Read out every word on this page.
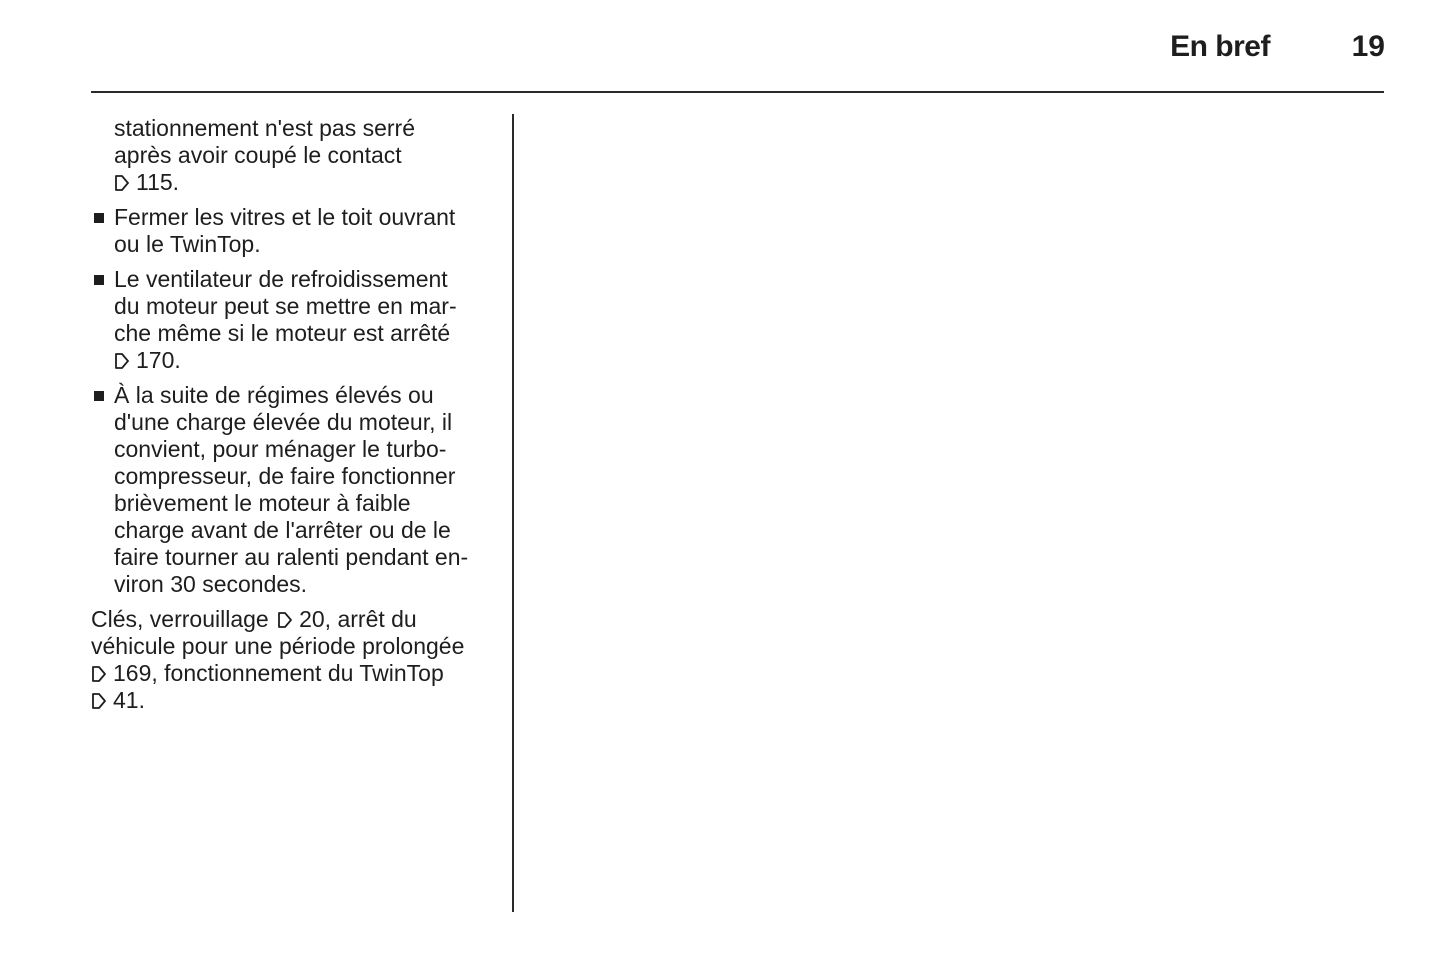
En bref	19
stationnement n'est pas serré
après avoir coupé le contact
115.
Fermer les vitres et le toit ouvrant
ou le TwinTop.
Le ventilateur de refroidissement
du moteur peut se mettre en mar-
che même si le moteur est arrêté
170.
À la suite de régimes élevés ou
d'une charge élevée du moteur, il
convient, pour ménager le turbo-
compresseur, de faire fonctionner
brièvement le moteur à faible
charge avant de l'arrêter ou de le
faire tourner au ralenti pendant en-
viron 30 secondes.
Clés, verrouillage 20, arrêt du
véhicule pour une période prolongée
169, fonctionnement du TwinTop
41.
